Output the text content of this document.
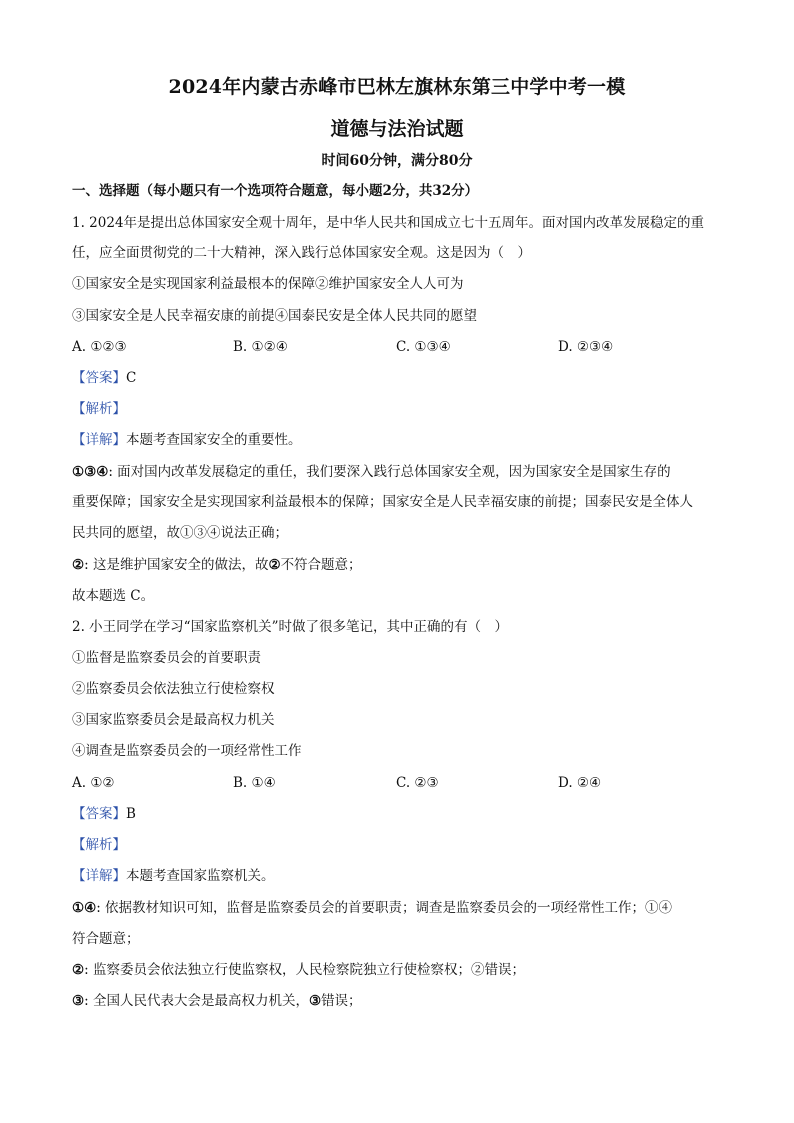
2024年内蒙古赤峰市巴林左旗林东第三中学中考一模
道德与法治试题
时间60分钟，满分80分
一、选择题（每小题只有一个选项符合题意，每小题2分，共32分）
1. 2024年是提出总体国家安全观十周年，是中华人民共和国成立七十五周年。面对国内改革发展稳定的重
任，应全面贯彻党的二十大精神，深入践行总体国家安全观。这是因为（　）
①国家安全是实现国家利益最根本的保障②维护国家安全人人可为
③国家安全是人民幸福安康的前提④国泰民安是全体人民共同的愿望
A. ①②③	B. ①②④	C. ①③④	D. ②③④
【答案】C
【解析】
【详解】本题考查国家安全的重要性。
①③④: 面对国内改革发展稳定的重任，我们要深入践行总体国家安全观，因为国家安全是国家生存的
重要保障；国家安全是实现国家利益最根本的保障；国家安全是人民幸福安康的前提；国泰民安是全体人
民共同的愿望，故①③④说法正确；
②: 这是维护国家安全的做法，故②不符合题意；
故本题选 C。
2. 小王同学在学习“国家监察机关”时做了很多笔记，其中正确的有（　）
①监督是监察委员会的首要职责
②监察委员会依法独立行使检察权
③国家监察委员会是最高权力机关
④调查是监察委员会的一项经常性工作
A. ①②	B. ①④	C. ②③	D. ②④
【答案】B
【解析】
【详解】本题考查国家监察机关。
①④: 依据教材知识可知，监督是监察委员会的首要职责；调查是监察委员会的一项经常性工作；①④
符合题意；
②: 监察委员会依法独立行使监察权，人民检察院独立行使检察权；②错误；
③: 全国人民代表大会是最高权力机关，③错误；
